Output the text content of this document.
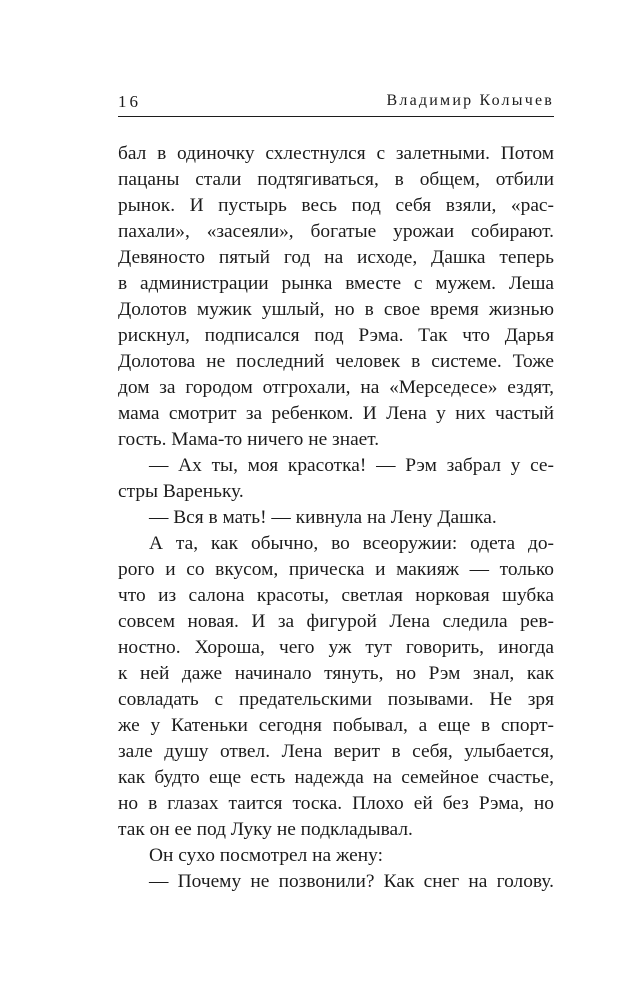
16	Владимир Колычев
бал в одиночку схлестнулся с залетными. Потом
пацаны стали подтягиваться, в общем, отбили
рынок. И пустырь весь под себя взяли, «рас-
пахали», «засеяли», богатые урожаи собирают.
Девяносто пятый год на исходе, Дашка теперь
в администрации рынка вместе с мужем. Леша
Долотов мужик ушлый, но в свое время жизнью
рискнул, подписался под Рэма. Так что Дарья
Долотова не последний человек в системе. Тоже
дом за городом отгрохали, на «Мерседесе» ездят,
мама смотрит за ребенком. И Лена у них частый
гость. Мама-то ничего не знает.
— Ах ты, моя красотка! — Рэм забрал у се-
стры Вареньку.
— Вся в мать! — кивнула на Лену Дашка.
А та, как обычно, во всеоружии: одета до-
рого и со вкусом, прическа и макияж — только
что из салона красоты, светлая норковая шубка
совсем новая. И за фигурой Лена следила рев-
ностно. Хороша, чего уж тут говорить, иногда
к ней даже начинало тянуть, но Рэм знал, как
совладать с предательскими позывами. Не зря
же у Катеньки сегодня побывал, а еще в спорт-
зале душу отвел. Лена верит в себя, улыбается,
как будто еще есть надежда на семейное счастье,
но в глазах таится тоска. Плохо ей без Рэма, но
так он ее под Луку не подкладывал.
Он сухо посмотрел на жену:
— Почему не позвонили? Как снег на голову.
